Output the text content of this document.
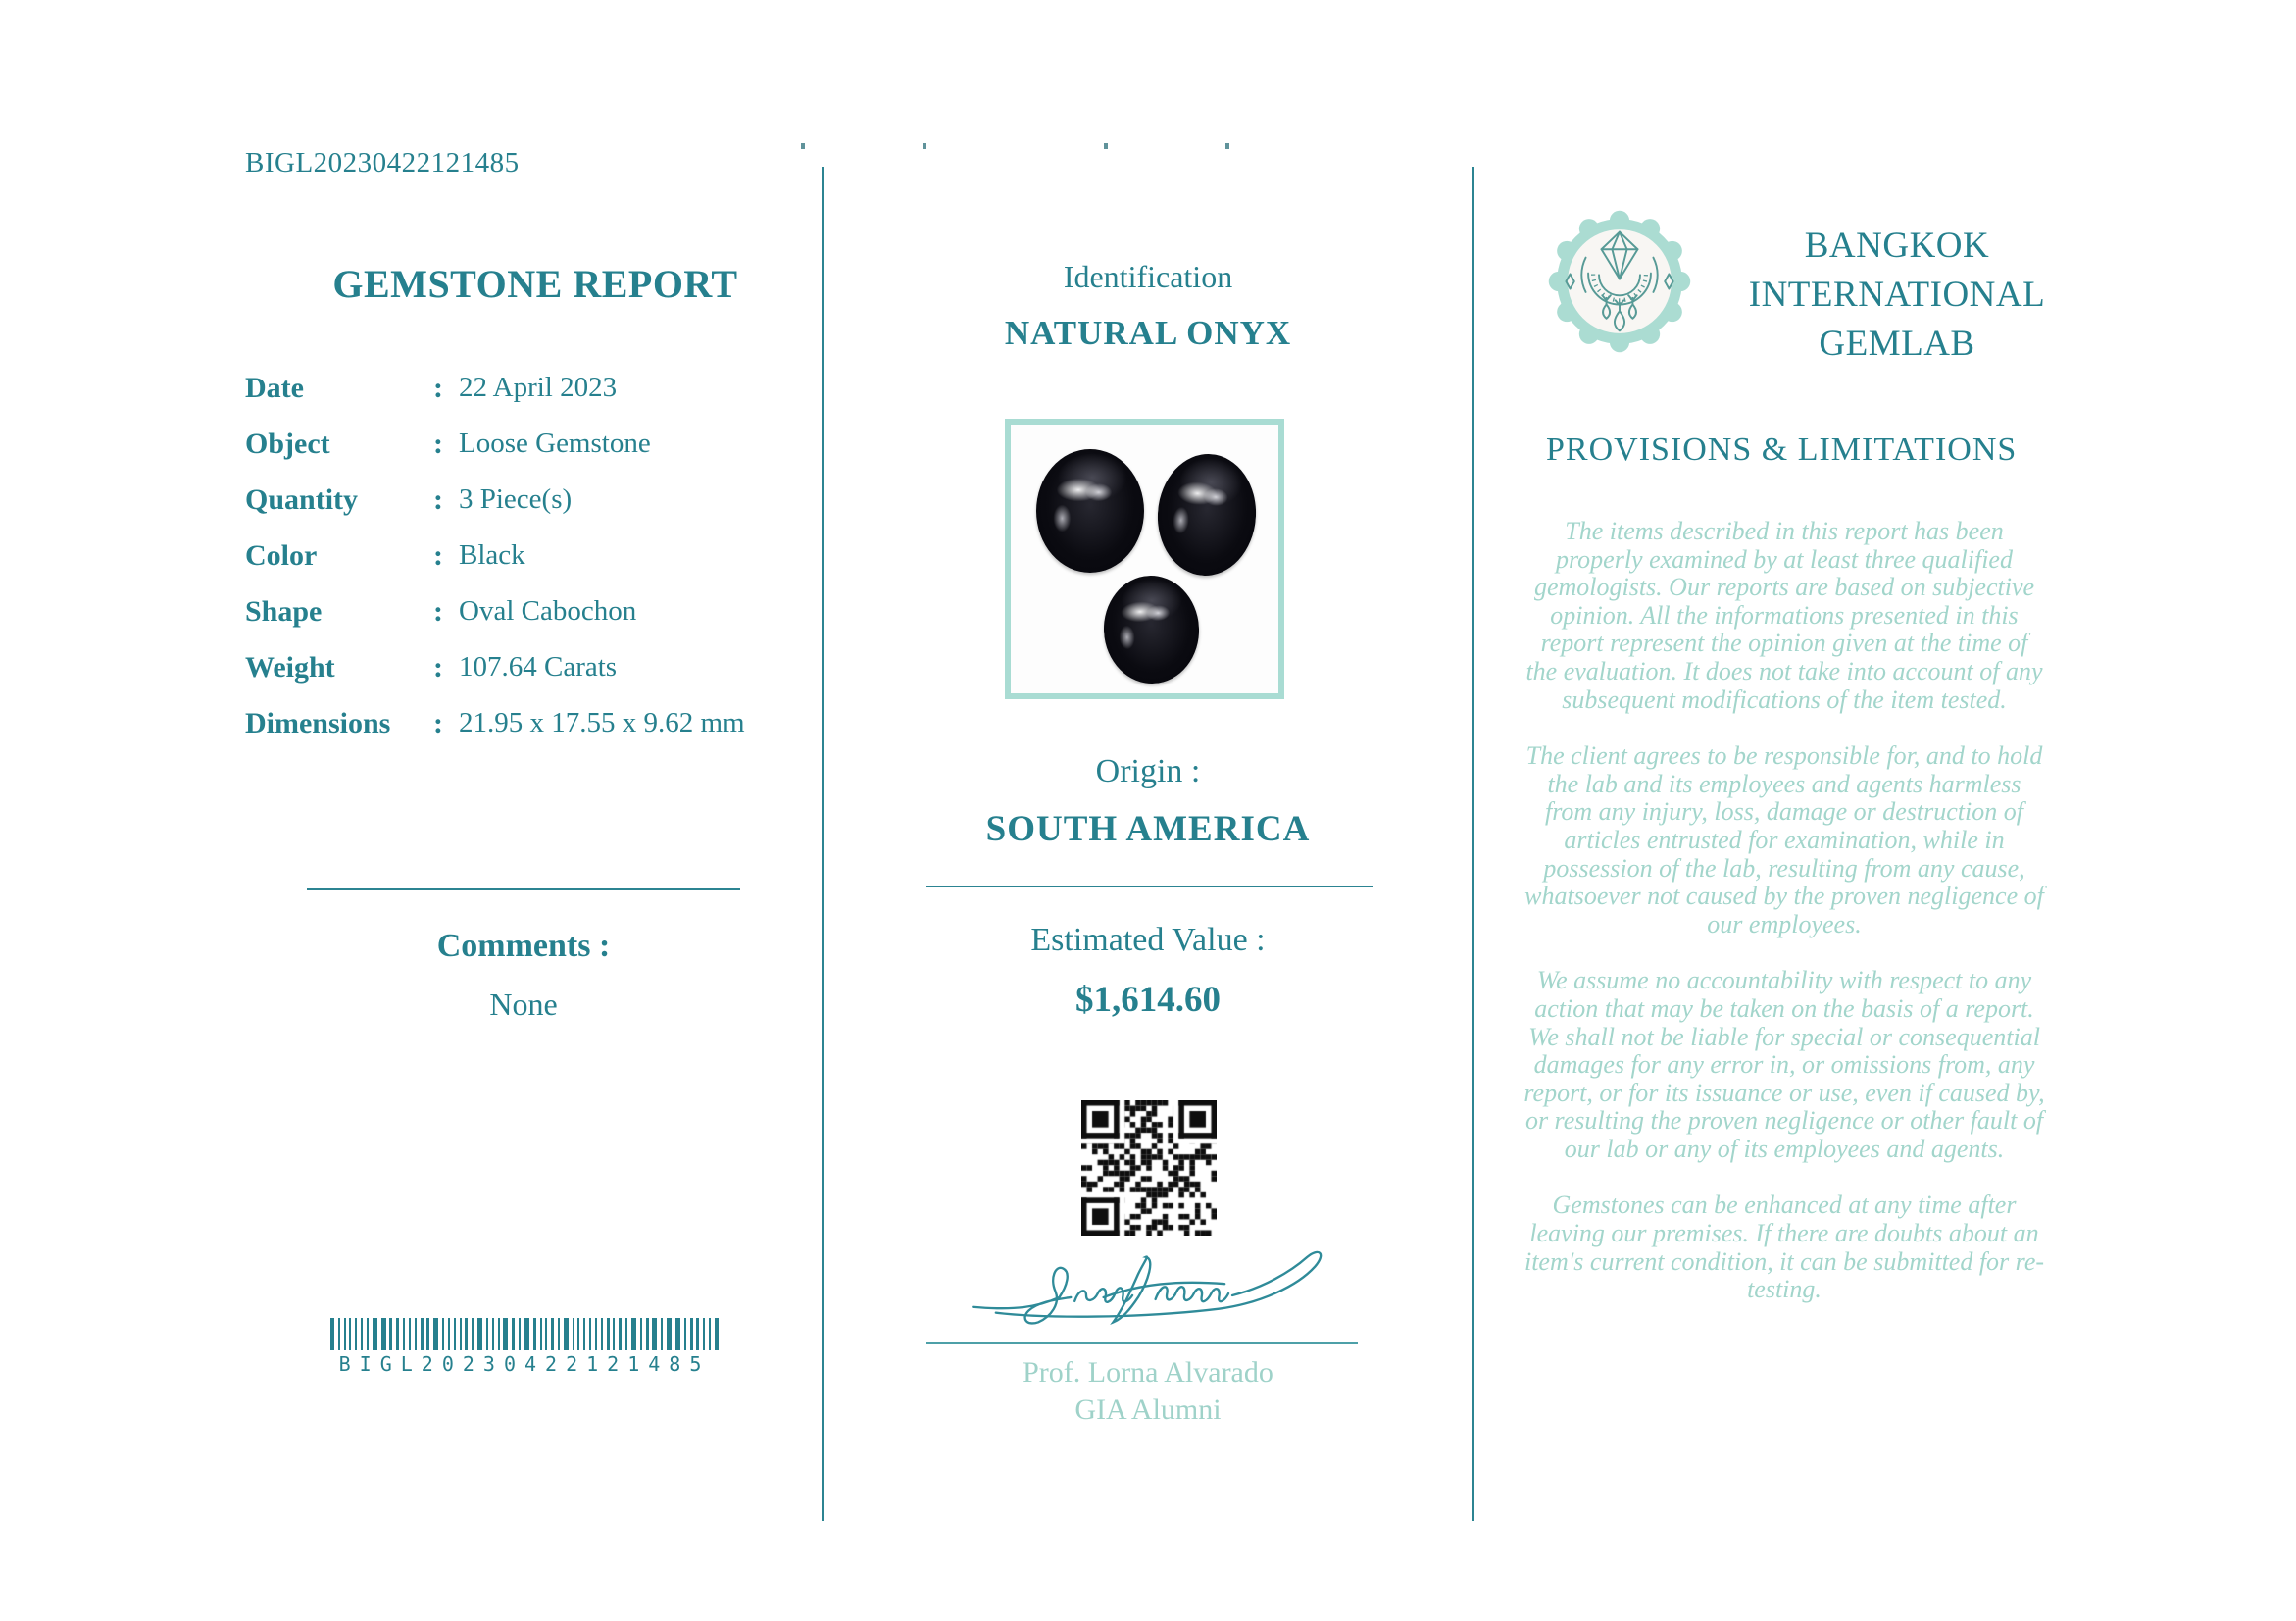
BIGL20230422121485
GEMSTONE REPORT
Date	: 22 April 2023
Object	: Loose Gemstone
Quantity	: 3 Piece(s)
Color	: Black
Shape	: Oval Cabochon
Weight	: 107.64 Carats
Dimensions	: 21.95 x 17.55 x 9.62 mm
Comments :
None
BIGL20230422121485
Identification
NATURAL ONYX
Origin :
SOUTH AMERICA
Estimated Value :
$1,614.60
Prof. Lorna Alvarado
GIA Alumni
BANGKOK
INTERNATIONAL
GEMLAB
PROVISIONS & LIMITATIONS

The items described in this report has been properly examined by at least three qualified gemologists. Our reports are based on subjective opinion. All the informations presented in this report represent the opinion given at the time of the evaluation. It does not take into account of any subsequent modifications of the item tested.

The client agrees to be responsible for, and to hold the lab and its employees and agents harmless from any injury, loss, damage or destruction of articles entrusted for examination, while in possession of the lab, resulting from any cause, whatsoever not caused by the proven negligence of our employees.

We assume no accountability with respect to any action that may be taken on the basis of a report. We shall not be liable for special or consequential damages for any error in, or omissions from, any report, or for its issuance or use, even if caused by, or resulting the proven negligence or other fault of our lab or any of its employees and agents.

Gemstones can be enhanced at any time after leaving our premises. If there are doubts about an item's current condition, it can be submitted for re-testing.
